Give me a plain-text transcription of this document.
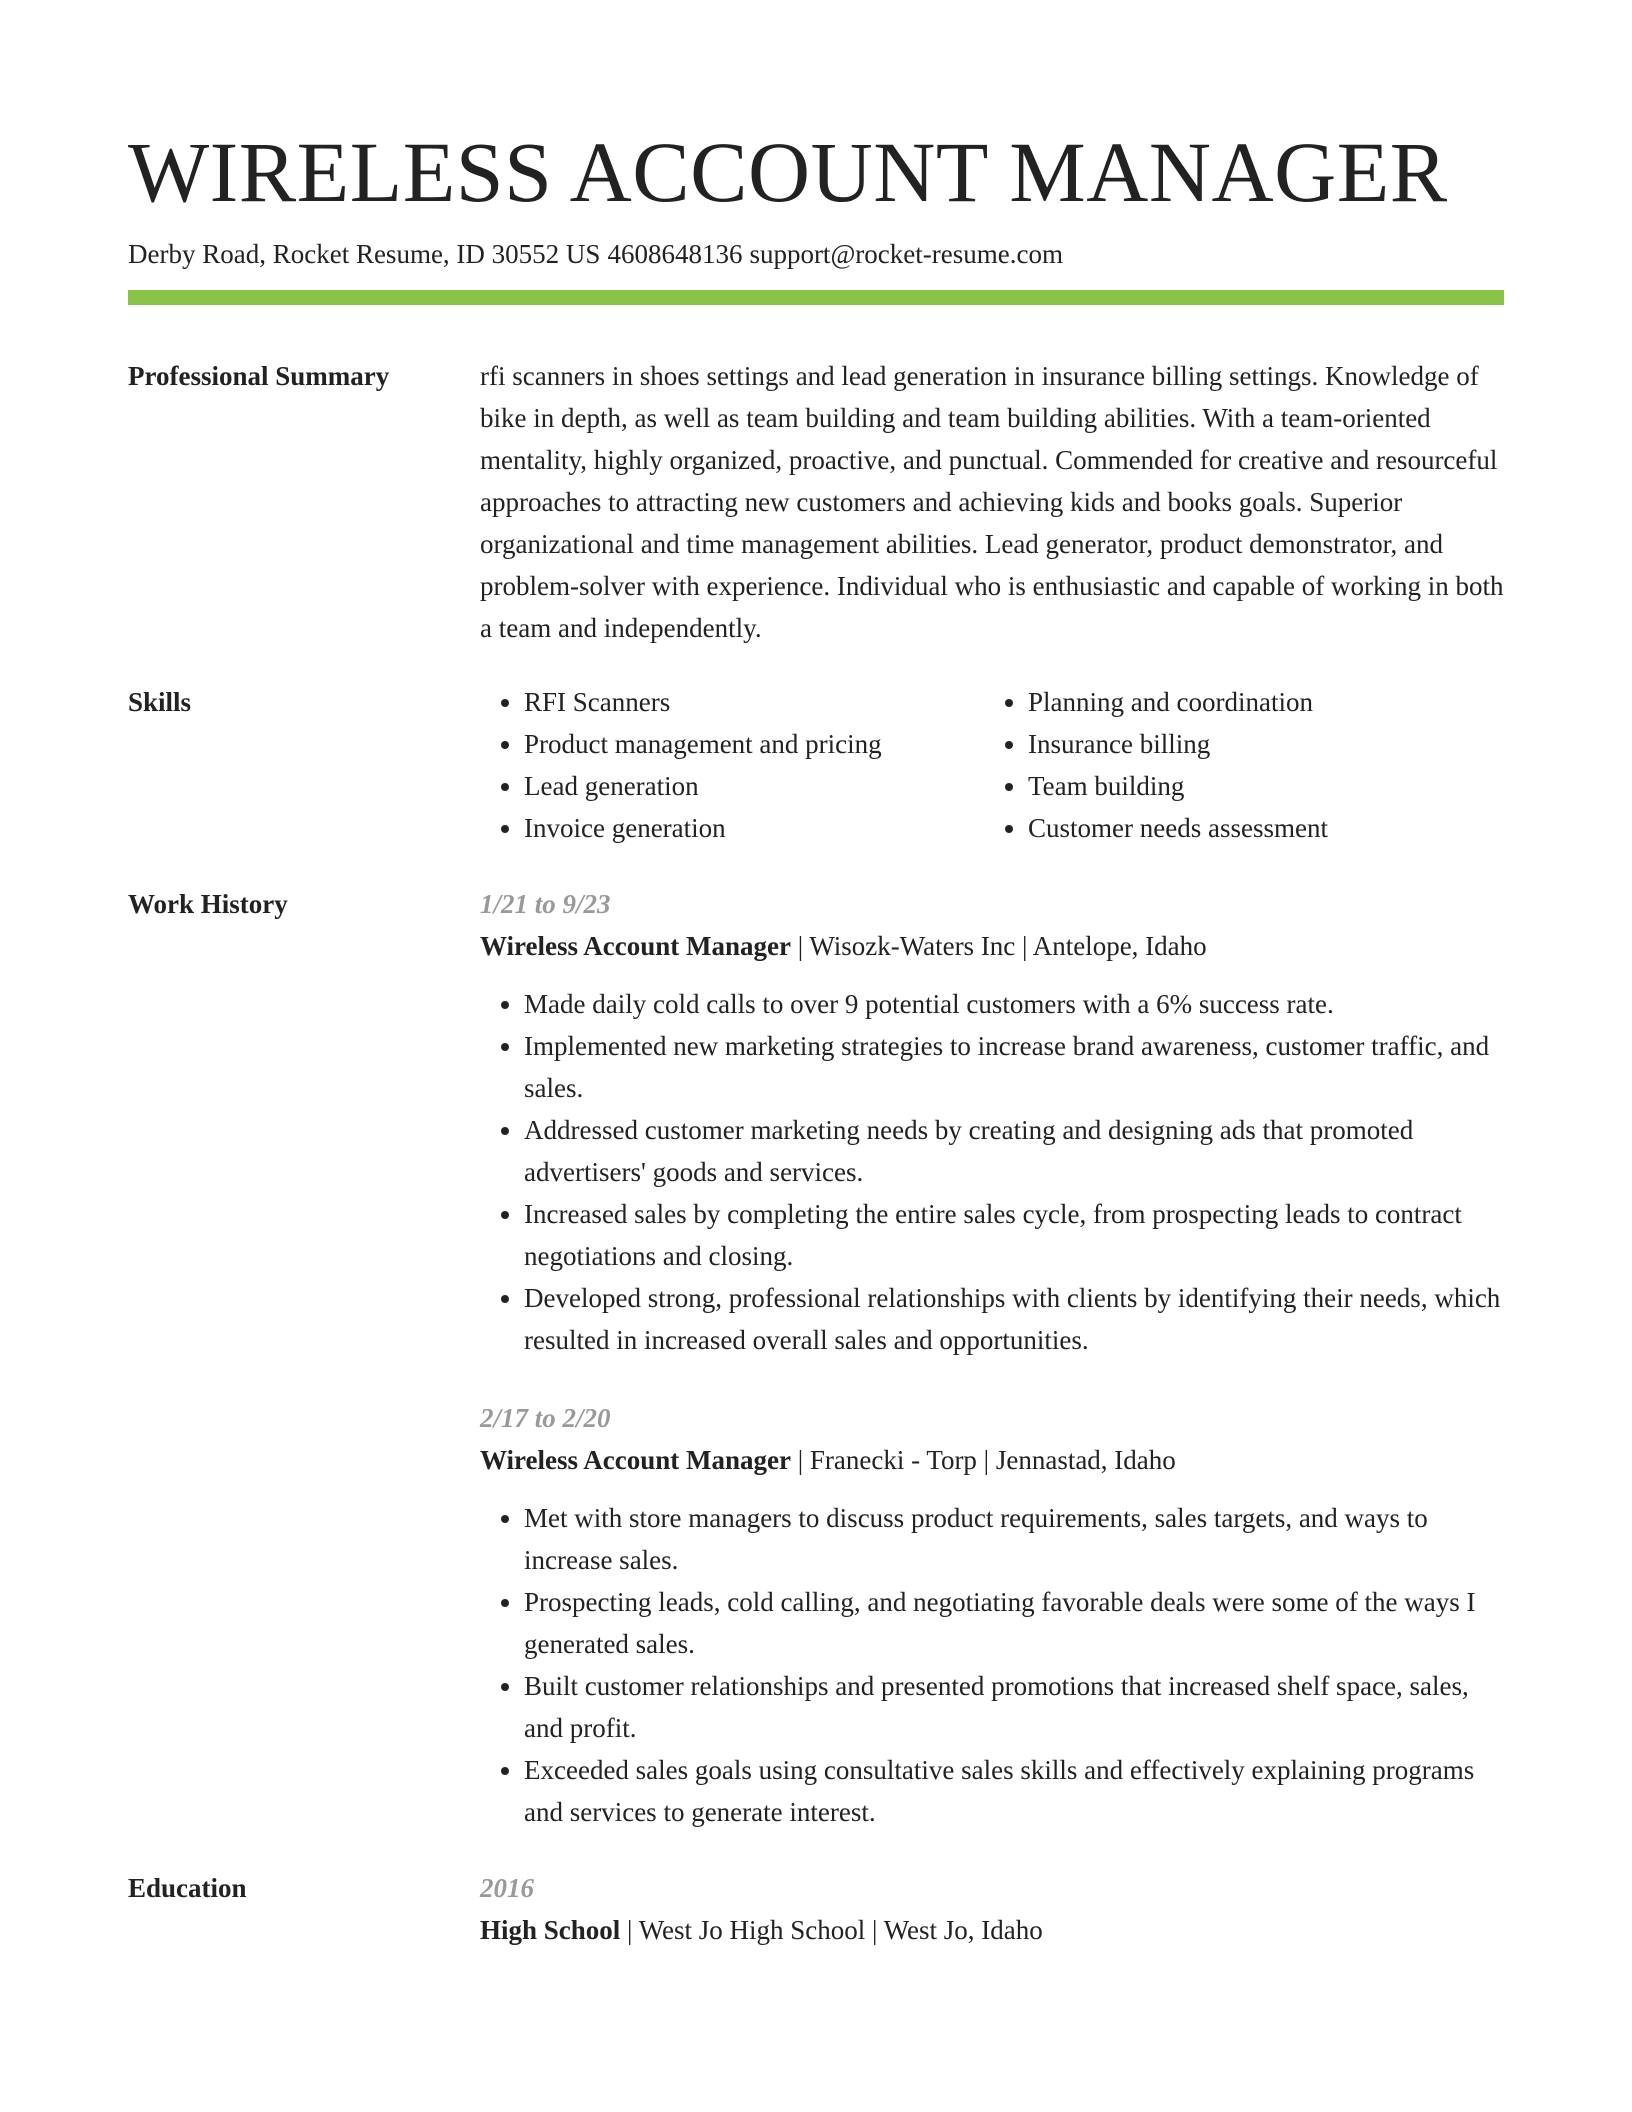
WIRELESS ACCOUNT MANAGER
Derby Road, Rocket Resume, ID 30552 US 4608648136 support@rocket-resume.com
Professional Summary	rfi scanners in shoes settings and lead generation in insurance billing settings. Knowledge of bike in depth, as well as team building and team building abilities. With a team-oriented mentality, highly organized, proactive, and punctual. Commended for creative and resourceful approaches to attracting new customers and achieving kids and books goals. Superior organizational and time management abilities. Lead generator, product demonstrator, and problem-solver with experience. Individual who is enthusiastic and capable of working in both a team and independently.
Skills
•	RFI Scanners
• Product management and pricing
• Lead generation
• Invoice generation
• Planning and coordination
• Insurance billing
• Team building
• Customer needs assessment
Work History	1/21 to 9/23
Wireless Account Manager | Wisozk-Waters Inc | Antelope, Idaho
• Made daily cold calls to over 9 potential customers with a 6% success rate.
• Implemented new marketing strategies to increase brand awareness, customer traffic, and sales.
• Addressed customer marketing needs by creating and designing ads that promoted advertisers' goods and services.
• Increased sales by completing the entire sales cycle, from prospecting leads to contract negotiations and closing.
• Developed strong, professional relationships with clients by identifying their needs, which resulted in increased overall sales and opportunities.
2/17 to 2/20
Wireless Account Manager | Franecki - Torp | Jennastad, Idaho
• Met with store managers to discuss product requirements, sales targets, and ways to increase sales.
• Prospecting leads, cold calling, and negotiating favorable deals were some of the ways I generated sales.
• Built customer relationships and presented promotions that increased shelf space, sales, and profit.
• Exceeded sales goals using consultative sales skills and effectively explaining programs and services to generate interest.
Education	2016
High School | West Jo High School | West Jo, Idaho
